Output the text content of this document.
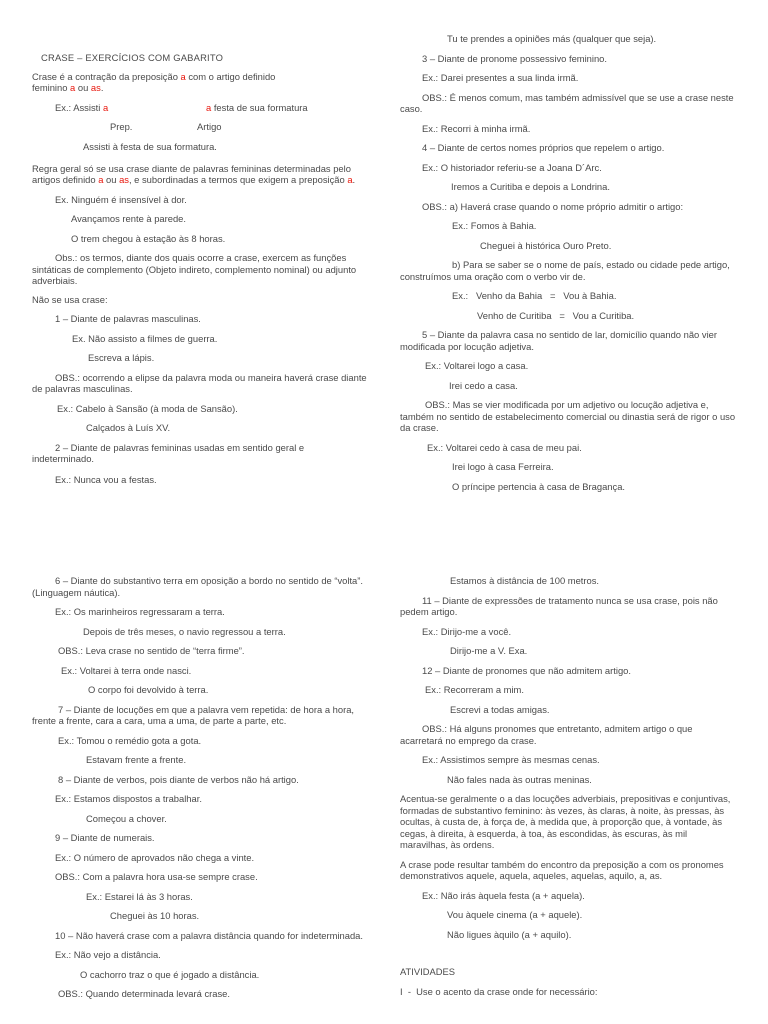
CRASE – EXERCÍCIOS COM GABARITO

Crase é a contração da preposição a com o artigo definido
feminino a ou as.

Ex.: Assisti a	a festa de sua formatura

Prep.	Artigo

Assisti à festa de sua formatura.

Regra geral só se usa crase diante de palavras femininas determinadas pelo artigos definido a ou as, e subordinadas a termos que exigem a preposição a.

Ex. Ninguém é insensível à dor.

Avançamos rente à parede.

O trem chegou à estação às 8 horas.

Obs.: os termos, diante dos quais ocorre a crase, exercem as funções sintáticas de complemento (Objeto indireto, complemento nominal) ou adjunto adverbiais.

Não se usa crase:

1 – Diante de palavras masculinas.

Ex. Não assisto a filmes de guerra.

Escreva a lápis.

OBS.: ocorrendo a elipse da palavra moda ou maneira haverá crase diante de palavras masculinas.

Ex.: Cabelo à Sansão (à moda de Sansão).

Calçados à Luís XV.

2 – Diante de palavras femininas usadas em sentido geral e indeterminado.

Ex.: Nunca vou a festas.

Tu te prendes a opiniões más (qualquer que seja).

3 – Diante de pronome possessivo feminino.

Ex.: Darei presentes a sua linda irmã.

OBS.: É menos comum, mas também admissível que se use a crase neste caso.

Ex.: Recorri à minha irmã.

4 – Diante de certos nomes próprios que repelem o artigo.

Ex.: O historiador referiu-se a Joana D´Arc.

Iremos a Curitiba e depois a Londrina.

OBS.: a) Haverá crase quando o nome próprio admitir o artigo:

Ex.: Fomos à Bahia.

Cheguei à histórica Ouro Preto.

b) Para se saber se o nome de país, estado ou cidade pede artigo, construímos uma oração com o verbo vir de.

Ex.:   Venho da Bahia   =   Vou à Bahia.

Venho de Curitiba   =   Vou a Curitiba.

5 – Diante da palavra casa no sentido de lar, domicílio quando não vier modificada por locução adjetiva.

Ex.: Voltarei logo a casa.

Irei cedo a casa.

OBS.: Mas se vier modificada por um adjetivo ou locução adjetiva e, também no sentido de estabelecimento comercial ou dinastia será de rigor o uso da crase.

Ex.: Voltarei cedo à casa de meu pai.

Irei logo à casa Ferreira.

O príncipe pertencia à casa de Bragança.

6 – Diante do substantivo terra em oposição a bordo no sentido de “volta”. (Linguagem náutica).

Ex.: Os marinheiros regressaram a terra.

Depois de três meses, o navio regressou a terra.

OBS.: Leva crase no sentido de “terra firme”.

Ex.: Voltarei à terra onde nasci.

O corpo foi devolvido à terra.

7 – Diante de locuções em que a palavra vem repetida: de hora a hora, frente a frente, cara a cara, uma a uma, de parte a parte, etc.

Ex.: Tomou o remédio gota a gota.

Estavam frente a frente.

8 – Diante de verbos, pois diante de verbos não há artigo.

Ex.: Estamos dispostos a trabalhar.

Começou a chover.

9 – Diante de numerais.

Ex.: O número de aprovados não chega a vinte.

OBS.: Com a palavra hora usa-se sempre crase.

Ex.: Estarei lá às 3 horas.

Cheguei às 10 horas.

10 – Não haverá crase com a palavra distância quando for indeterminada.

Ex.: Não vejo a distância.

O cachorro traz o que é jogado a distância.

OBS.: Quando determinada levará crase.

Estamos à distância de 100 metros.

11 – Diante de expressões de tratamento nunca se usa crase, pois não pedem artigo.

Ex.: Dirijo-me a você.

Dirijo-me a V. Exa.

12 – Diante de pronomes que não admitem artigo.

Ex.: Recorreram a mim.

Escrevi a todas amigas.

OBS.: Há alguns pronomes que entretanto, admitem artigo o que acarretará no emprego da crase.

Ex.: Assistimos sempre às mesmas cenas.

Não fales nada às outras meninas.

Acentua-se geralmente o a das locuções adverbiais, prepositivas e conjuntivas, formadas de substantivo feminino: às vezes, às claras, à noite, às pressas, às ocultas, à custa de, à força de, à medida que, à proporção que, à vontade, às cegas, à direita, à esquerda, à toa, às escondidas, às escuras, às mil maravilhas, às ordens.

A crase pode resultar também do encontro da preposição a com os pronomes demonstrativos aquele, aquela, aqueles, aquelas, aquilo, a, as.

Ex.: Não irás àquela festa (a + aquela).

Vou àquele cinema (a + aquele).

Não ligues àquilo (a + aquilo).

ATIVIDADES

I  -  Use o acento da crase onde for necessário:
